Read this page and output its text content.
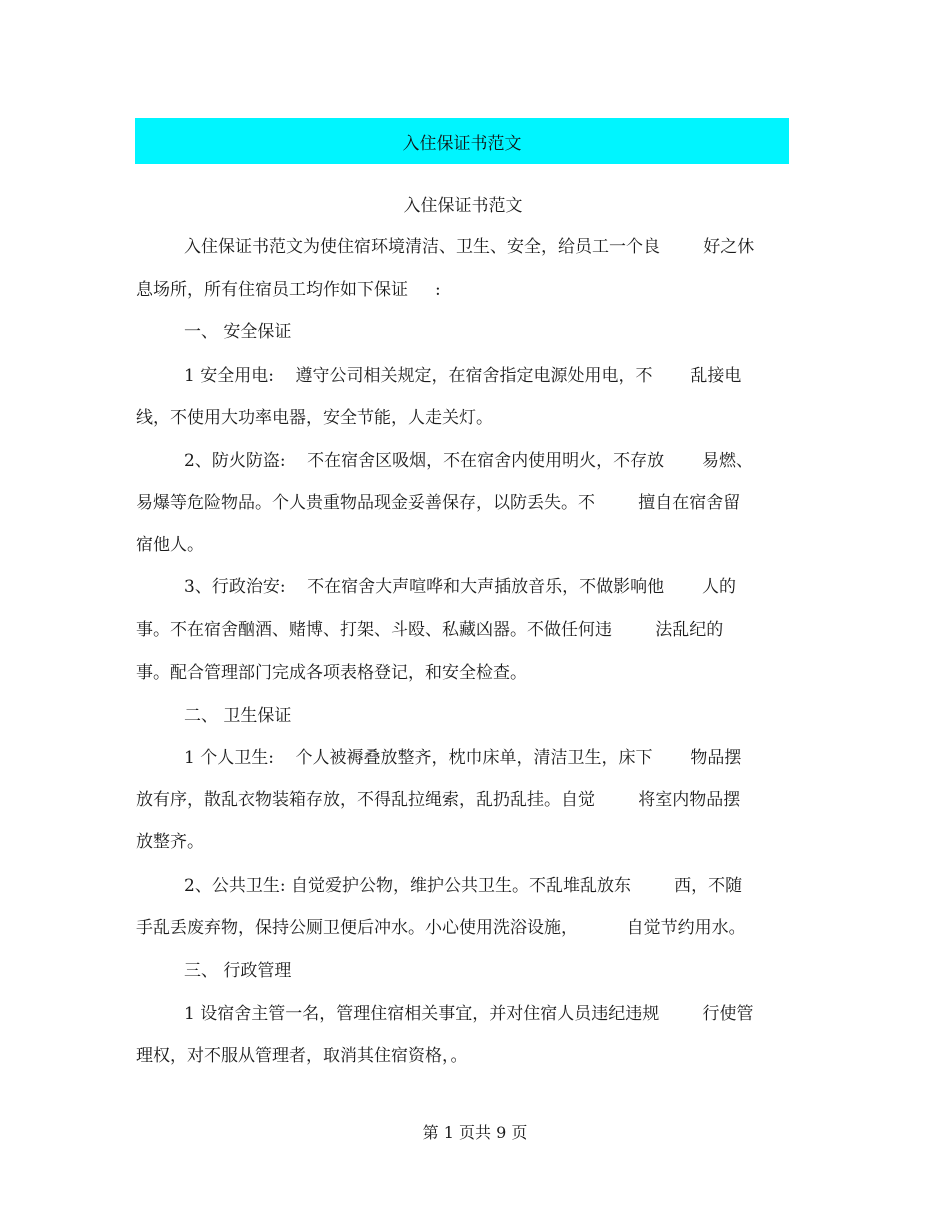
入住保证书范文
入住保证书范文
入住保证书范文为使住宿环境清洁、卫生、安全，给员工一个良        好之休
息场所，所有住宿员工均作如下保证     :
一、 安全保证
1 安全用电:    遵守公司相关规定，在宿舍指定电源处用电，不       乱接电
线，不使用大功率电器，安全节能，人走关灯。
2、防火防盗:    不在宿舍区吸烟，不在宿舍内使用明火，不存放       易燃、
易爆等危险物品。个人贵重物品现金妥善保存，以防丢失。不        擅自在宿舍留
宿他人。
3、行政治安:    不在宿舍大声喧哗和大声插放音乐，不做影响他       人的
事。不在宿舍酗酒、赌博、打架、斗殴、私藏凶器。不做任何违        法乱纪的
事。配合管理部门完成各项表格登记，和安全检查。
二、 卫生保证
1 个人卫生:    个人被褥叠放整齐，枕巾床单，清洁卫生，床下       物品摆
放有序，散乱衣物装箱存放，不得乱拉绳索，乱扔乱挂。自觉        将室内物品摆
放整齐。
2、公共卫生: 自觉爱护公物，维护公共卫生。不乱堆乱放东        西，不随
手乱丢废弃物，保持公厕卫便后冲水。小心使用洗浴设施，         自觉节约用水。
三、 行政管理
1 设宿舍主管一名，管理住宿相关事宜，并对住宿人员违纪违规        行使管
理权，对不服从管理者，取消其住宿资格，。
第 1 页共 9 页
